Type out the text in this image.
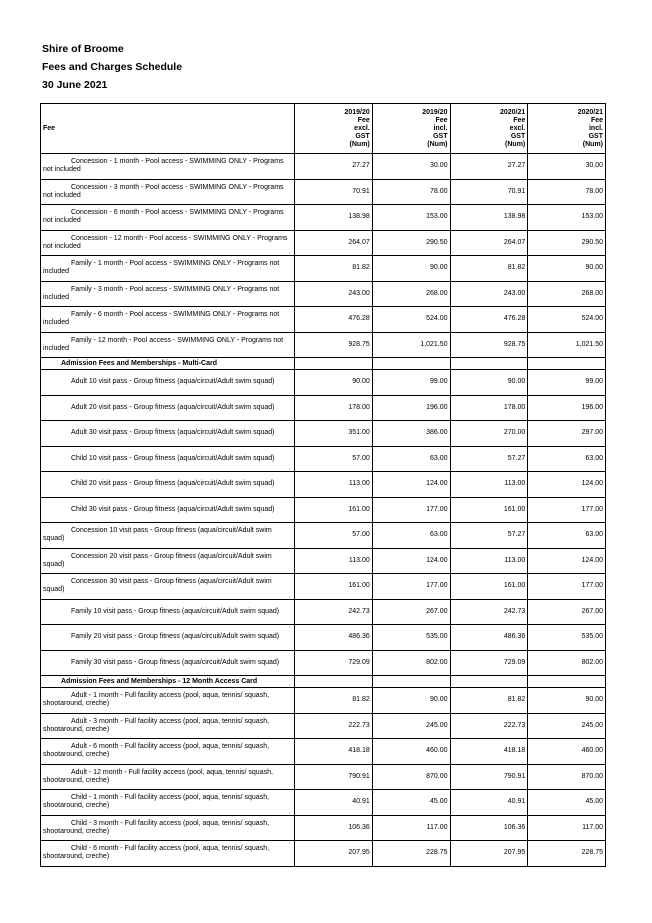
Shire of Broome
Fees and Charges Schedule
30 June 2021
Fee	2019/20
Fee
excl.
GST
(Num)	2019/20
Fee
incl.
GST
(Num)	2020/21
Fee
excl.
GST
(Num)	2020/21
Fee
incl.
GST
(Num)

Concession - 1 month - Pool access - SWIMMING ONLY - Programs
not included	27.27	30.00	27.27	30.00

Concession - 3 month - Pool access - SWIMMING ONLY - Programs
not included	70.91	78.00	70.91	78.00

Concession - 6 month - Pool access - SWIMMING ONLY - Programs
not included	138.98	153.00	138.98	153.00

Concession - 12 month - Pool access - SWIMMING ONLY - Programs
not included	264.07	290.50	264.07	290.50

Family - 1 month - Pool access - SWIMMING ONLY - Programs not
included	81.82	90.00	81.82	90.00

Family - 3 month - Pool access - SWIMMING ONLY - Programs not
included	243.00	268.00	243.00	268.00

Family - 6 month - Pool access - SWIMMING ONLY - Programs not
included	476.28	524.00	476.28	524.00

Family - 12 month - Pool access - SWIMMING ONLY - Programs not
included	928.75	1,021.50	928.75	1,021.50
Admission Fees and Memberships - Multi-Card				

Adult 10 visit pass - Group fitness (aqua/circuit/Adult swim squad)	90.00	99.00	90.00	99.00

Adult 20 visit pass - Group fitness (aqua/circuit/Adult swim squad)	178.00	196.00	178.00	196.00

Adult 30 visit pass - Group fitness (aqua/circuit/Adult swim squad)	351.00	386.00	270.00	297.00

Child 10 visit pass - Group fitness (aqua/circuit/Adult swim squad)	57.00	63.00	57.27	63.00

Child 20 visit pass - Group fitness (aqua/circuit/Adult swim squad)	113.00	124.00	113.00	124.00

Child 30 visit pass - Group fitness (aqua/circuit/Adult swim squad)	161.00	177.00	161.00	177.00

Concession 10 visit pass - Group fitness (aqua/circuit/Adult swim
squad)	57.00	63.00	57.27	63.00

Concession 20 visit pass - Group fitness (aqua/circuit/Adult swim
squad)	113.00	124.00	113.00	124.00

Concession 30 visit pass - Group fitness (aqua/circuit/Adult swim
squad)	161.00	177.00	161.00	177.00

Family 10 visit pass - Group fitness (aqua/circuit/Adult swim squad)	242.73	267.00	242.73	267.00

Family 20 visit pass - Group fitness (aqua/circuit/Adult swim squad)	486.36	535.00	486.36	535.00

Family 30 visit pass - Group fitness (aqua/circuit/Adult swim squad)	729.09	802.00	729.09	802.00
Admission Fees and Memberships - 12 Month Access Card				

Adult - 1 month - Full facility access (pool, aqua, tennis/ squash,
shootaround, creche)	81.82	90.00	81.82	90.00

Adult - 3 month - Full facility access (pool, aqua, tennis/ squash,
shootaround, creche)	222.73	245.00	222.73	245.00

Adult - 6 month - Full facility access (pool, aqua, tennis/ squash,
shootaround, creche)	418.18	460.00	418.18	460.00

Adult - 12 month - Full facility access (pool, aqua, tennis/ squash,
shootaround, creche)	790.91	870.00	790.91	870.00

Child - 1 month - Full facility access (pool, aqua, tennis/ squash,
shootaround, creche)	40.91	45.00	40.91	45.00

Child - 3 month - Full facility access (pool, aqua, tennis/ squash,
shootaround, creche)	106.36	117.00	106.36	117.00

Child - 6 month - Full facility access (pool, aqua, tennis/ squash,
shootaround, creche)	207.95	228.75	207.95	228.75
